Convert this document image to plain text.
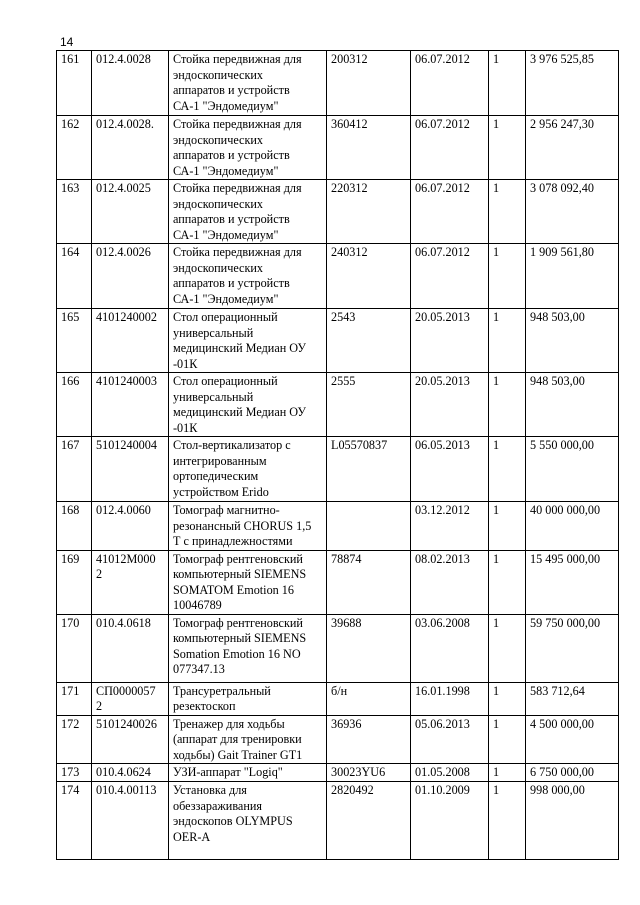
14
161	012.4.0028	Стойка передвижная для
эндоскопических
аппаратов и устройств
СА-1 "Эндомедиум"	200312	06.07.2012	1	3 976 525,85
162	012.4.0028.	Стойка передвижная для
эндоскопических
аппаратов и устройств
СА-1 "Эндомедиум"	360412	06.07.2012	1	2 956 247,30
163	012.4.0025	Стойка передвижная для
эндоскопических
аппаратов и устройств
СА-1 "Эндомедиум"	220312	06.07.2012	1	3 078 092,40
164	012.4.0026	Стойка передвижная для
эндоскопических
аппаратов и устройств
СА-1 "Эндомедиум"	240312	06.07.2012	1	1 909 561,80
165	4101240002	Стол операционный
универсальный
медицинский Медиан ОУ
-01К	2543	20.05.2013	1	948 503,00
166	4101240003	Стол операционный
универсальный
медицинский Медиан ОУ
-01К	2555	20.05.2013	1	948 503,00
167	5101240004	Стол-вертикализатор с
интегрированным
ортопедическим
устройством Erido	L05570837	06.05.2013	1	5 550 000,00
168	012.4.0060	Томограф магнитно-
резонансный CHORUS 1,5
Т с принадлежностями		03.12.2012	1	40 000 000,00
169	41012М000
2	Томограф рентгеновский
компьютерный SIEMENS
SOMATOM Emotion 16
10046789	78874	08.02.2013	1	15 495 000,00
170	010.4.0618	Томограф рентгеновский
компьютерный SIEMENS
Somation Emotion 16 NO
077347.13	39688	03.06.2008	1	59 750 000,00
171	СП0000057
2	Трансуретральный
резектоскоп	б/н	16.01.1998	1	583 712,64
172	5101240026	Тренажер для ходьбы
(аппарат для тренировки
ходьбы) Gait Trainer GT1	36936	05.06.2013	1	4 500 000,00
173	010.4.0624	УЗИ-аппарат "Logiq"	30023YU6	01.05.2008	1	6 750 000,00
174	010.4.00113	Установка для
обеззараживания
эндоскопов OLYMPUS
OER-A	2820492	01.10.2009	1	998 000,00
